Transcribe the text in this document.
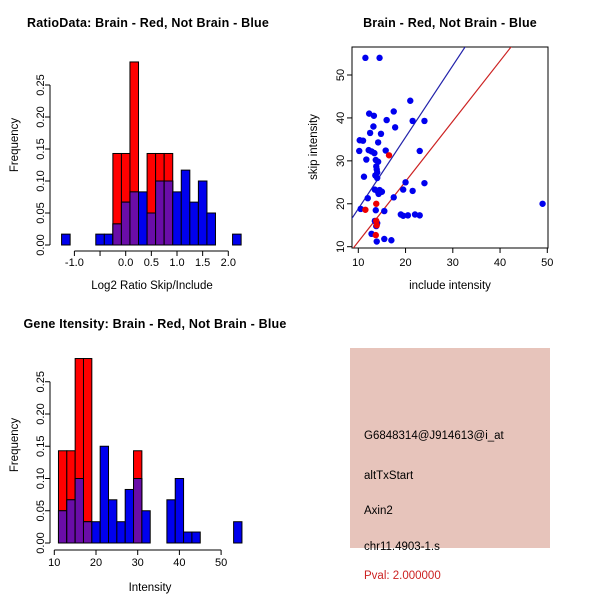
RatioData: Brain - Red, Not Brain - Blue
Log2 Ratio Skip/Include
Frequency
-1.0	0.0 0.5 1.0 1.5 2.0
0.00
0.05
0.10
0.15
0.20
0.25
Brain - Red, Not Brain - Blue
include intensity
skip intensity
10	20	30	40	50
10
20
30
40
50
Gene Itensity: Brain - Red, Not Brain - Blue
Intensity
Frequency
10	20	30	40	50
0.00
0.05
0.10
0.15
0.20
0.25
G6848314@J914613@i_at
altTxStart
Axin2
chr11.4903-1.s
Pval: 2.000000
